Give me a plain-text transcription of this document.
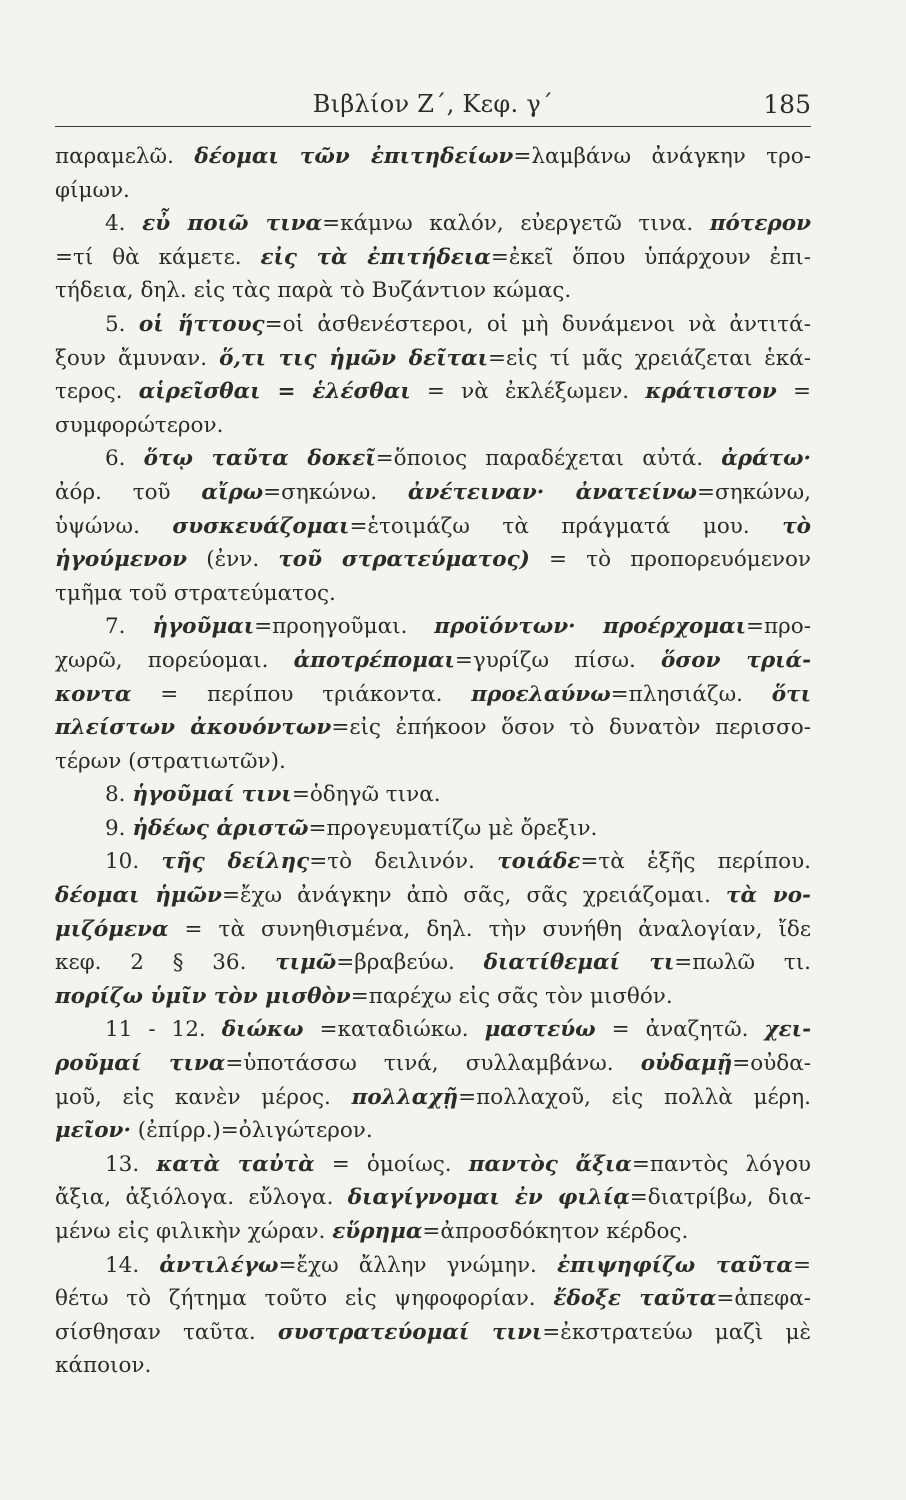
Βιβλίον Ζ΄, Κεφ. γ΄	185
παραμελῶ. δέομαι τῶν ἐπιτηδείων=λαμβάνω ἀνάγκην τρο-
φίμων.
4. εὖ ποιῶ τινα=κάμνω καλόν, εὐεργετῶ τινα. πότερον
=τί θὰ κάμετε. εἰς τὰ ἐπιτήδεια=ἐκεῖ ὅπου ὑπάρχουν ἐπι-
τήδεια, δηλ. εἰς τὰς παρὰ τὸ Βυζάντιον κώμας.
5. οἱ ἥττους=οἱ ἀσθενέστεροι, οἱ μὴ δυνάμενοι νὰ ἀντιτά-
ξουν ἄμυναν. ὅ,τι τις ἡμῶν δεῖται=εἰς τί μᾶς χρειάζεται ἑκά-
τερος. αἱρεῖσθαι = ἑλέσθαι = νὰ ἐκλέξωμεν. κράτιστον =
συμφορώτερον.
6. ὅτῳ ταῦτα δοκεῖ=ὅποιος παραδέχεται αὐτά. ἀράτω·
ἀόρ. τοῦ αἴρω=σηκώνω. ἀνέτειναν· ἀνατείνω=σηκώνω,
ὑψώνω. συσκευάζομαι=ἑτοιμάζω τὰ πράγματά μου. τὸ
ἡγούμενον (ἐνν. τοῦ στρατεύματος) = τὸ προπορευόμενον
τμῆμα τοῦ στρατεύματος.
7. ἡγοῦμαι=προηγοῦμαι. προϊόντων· προέρχομαι=προ-
χωρῶ, πορεύομαι. ἀποτρέπομαι=γυρίζω πίσω. ὅσον τριά-
κοντα = περίπου τριάκοντα. προελαύνω=πλησιάζω. ὅτι
πλείστων ἀκουόντων=εἰς ἐπήκοον ὅσον τὸ δυνατὸν περισσο-
τέρων (στρατιωτῶν).
8. ἡγοῦμαί τινι=ὁδηγῶ τινα.
9. ἡδέως ἀριστῶ=προγευματίζω μὲ ὄρεξιν.
10. τῆς δείλης=τὸ δειλινόν. τοιάδε=τὰ ἑξῆς περίπου.
δέομαι ἡμῶν=ἔχω ἀνάγκην ἀπὸ σᾶς, σᾶς χρειάζομαι. τὰ νο-
μιζόμενα = τὰ συνηθισμένα, δηλ. τὴν συνήθη ἀναλογίαν, ἴδε
κεφ. 2 § 36. τιμῶ=βραβεύω. διατίθεμαί τι=πωλῶ τι.
πορίζω ὑμῖν τὸν μισθὸν=παρέχω εἰς σᾶς τὸν μισθόν.
11 - 12. διώκω =καταδιώκω. μαστεύω = ἀναζητῶ. χει-
ροῦμαί τινα=ὑποτάσσω τινά, συλλαμβάνω. οὐδαμῇ=οὐδα-
μοῦ, εἰς κανὲν μέρος. πολλαχῇ=πολλαχοῦ, εἰς πολλὰ μέρη.
μεῖον· (ἐπίρρ.)=ὀλιγώτερον.
13. κατὰ ταὐτὰ = ὁμοίως. παντὸς ἄξια=παντὸς λόγου
ἄξια, ἀξιόλογα. εὔλογα. διαγίγνομαι ἐν φιλίᾳ=διατρίβω, δια-
μένω εἰς φιλικὴν χώραν. εὕρημα=ἀπροσδόκητον κέρδος.
14. ἀντιλέγω=ἔχω ἄλλην γνώμην. ἐπιψηφίζω ταῦτα=
θέτω τὸ ζήτημα τοῦτο εἰς ψηφοφορίαν. ἔδοξε ταῦτα=ἀπεφα-
σίσθησαν ταῦτα. συστρατεύομαί τινι=ἐκστρατεύω μαζὶ μὲ
κάποιον.
